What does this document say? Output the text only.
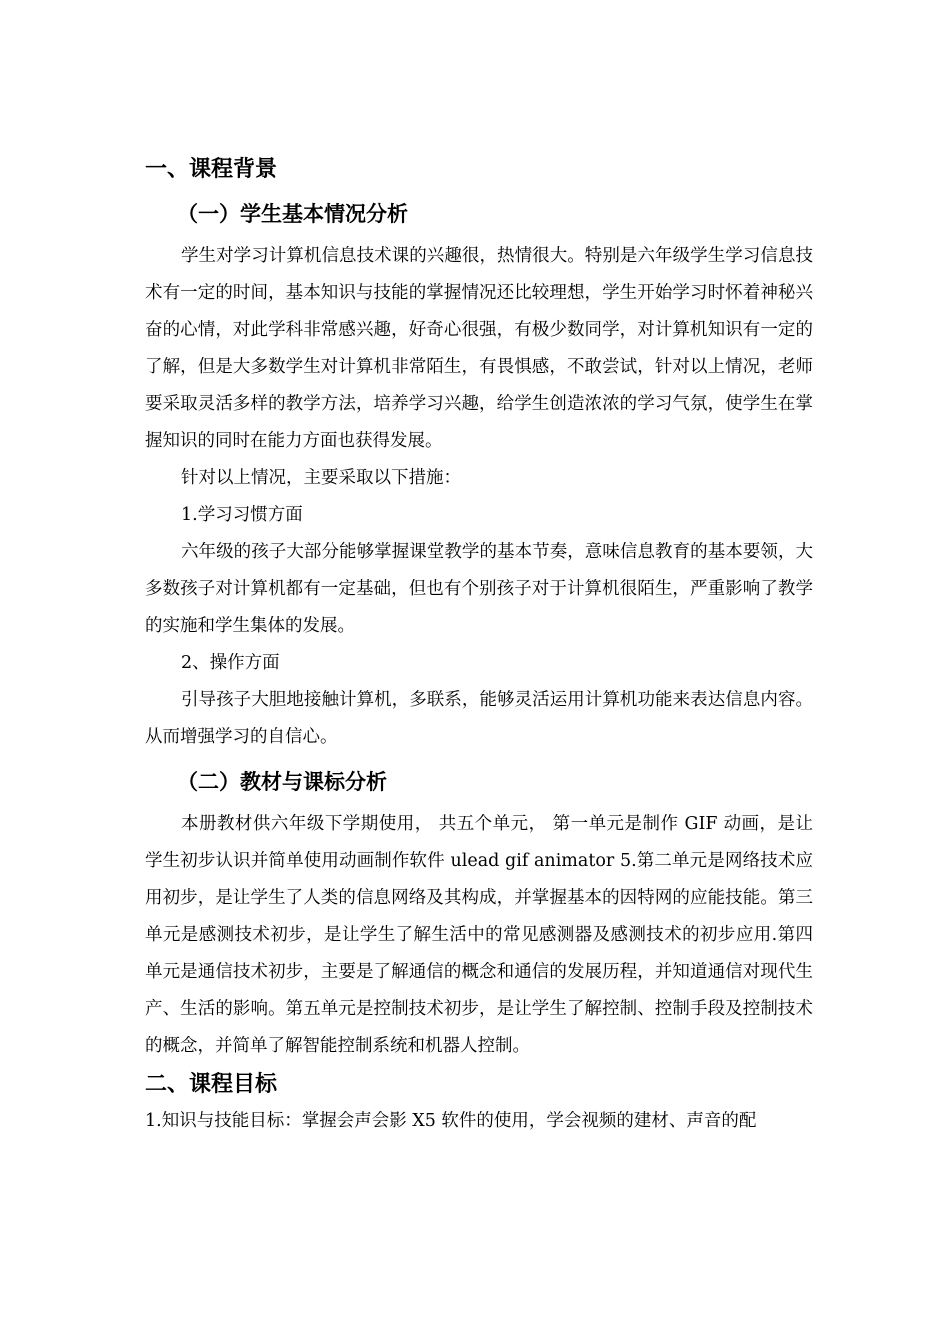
一、课程背景
（一）学生基本情况分析

学生对学习计算机信息技术课的兴趣很，热情很大。特别是六年级学生学习信息技术有一定的时间，基本知识与技能的掌握情况还比较理想，学生开始学习时怀着神秘兴奋的心情，对此学科非常感兴趣，好奇心很强，有极少数同学，对计算机知识有一定的了解，但是大多数学生对计算机非常陌生，有畏惧感，不敢尝试，针对以上情况，老师要采取灵活多样的教学方法，培养学习兴趣，给学生创造浓浓的学习气氛，使学生在掌握知识的同时在能力方面也获得发展。

针对以上情况，主要采取以下措施：

1.学习习惯方面

六年级的孩子大部分能够掌握课堂教学的基本节奏，意味信息教育的基本要领，大多数孩子对计算机都有一定基础，但也有个别孩子对于计算机很陌生，严重影响了教学的实施和学生集体的发展。

2、操作方面

引导孩子大胆地接触计算机，多联系，能够灵活运用计算机功能来表达信息内容。从而增强学习的自信心。

（二）教材与课标分析

本册教材供六年级下学期使用， 共五个单元， 第一单元是制作 GIF 动画，是让学生初步认识并简单使用动画制作软件 ulead gif animator 5.第二单元是网络技术应用初步，是让学生了人类的信息网络及其构成，并掌握基本的因特网的应能技能。第三单元是感测技术初步，是让学生了解生活中的常见感测器及感测技术的初步应用.第四单元是通信技术初步，主要是了解通信的概念和通信的发展历程，并知道通信对现代生产、生活的影响。第五单元是控制技术初步，是让学生了解控制、控制手段及控制技术的概念，并简单了解智能控制系统和机器人控制。

二、课程目标

1.知识与技能目标：掌握会声会影 X5 软件的使用，学会视频的建材、声音的配
